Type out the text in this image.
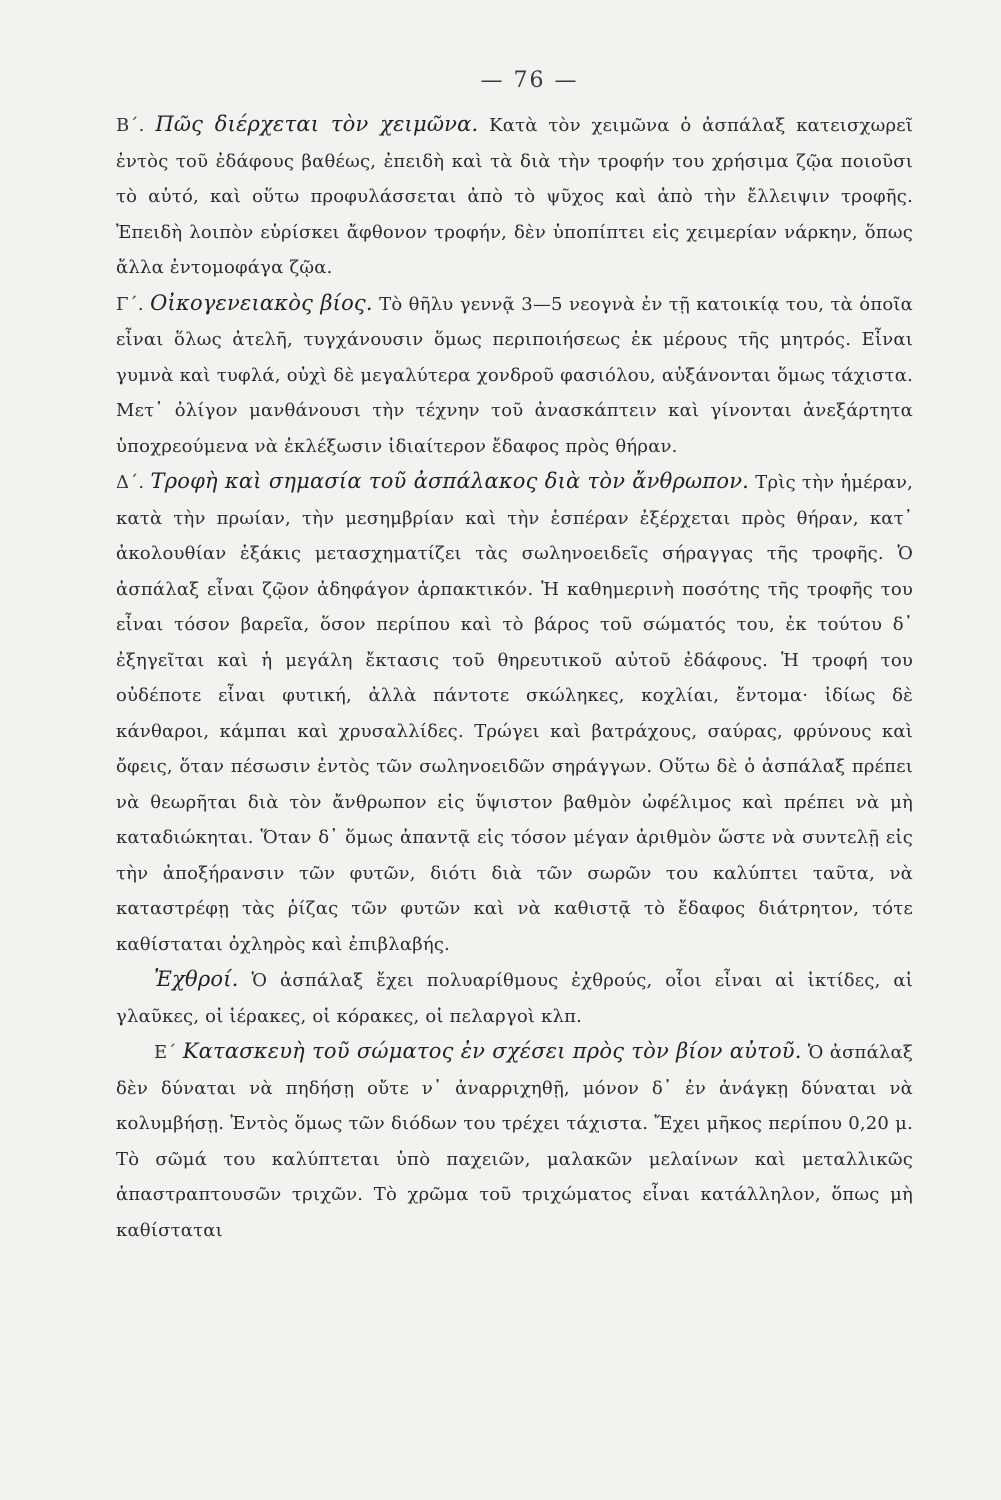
— 76 —

Β΄. Πῶς διέρχεται τὸν χειμῶνα. Κατὰ τὸν χειμῶνα ὁ ἀσπάλαξ κατεισχωρεῖ ἐντὸς τοῦ ἐδάφους βαθέως, ἐπειδὴ καὶ τὰ διὰ τὴν τροφήν του χρήσιμα ζῷα ποιοῦσι τὸ αὐτό, καὶ οὕτω προφυλάσσεται ἀπὸ τὸ ψῦχος καὶ ἀπὸ τὴν ἔλλειψιν τροφῆς. Ἐπειδὴ λοιπὸν εὑρίσκει ἄφθονον τροφήν, δὲν ὑποπίπτει εἰς χειμερίαν νάρκην, ὅπως ἄλλα ἐντομοφάγα ζῷα.

Γ΄. Οἰκογενειακὸς βίος. Τὸ θῆλυ γεννᾷ 3—5 νεογνὰ ἐν τῇ κατοικίᾳ του, τὰ ὁποῖα εἶναι ὅλως ἀτελῆ, τυγχάνουσιν ὅμως περιποιήσεως ἐκ μέρους τῆς μητρός. Εἶναι γυμνὰ καὶ τυφλά, οὐχὶ δὲ μεγαλύτερα χονδροῦ φασιόλου, αὐξάνονται ὅμως τάχιστα. Μετ᾽ ὀλίγον μανθάνουσι τὴν τέχνην τοῦ ἀνασκάπτειν καὶ γίνονται ἀνεξάρτητα ὑποχρεούμενα νὰ ἐκλέξωσιν ἰδιαίτερον ἔδαφος πρὸς θήραν.

Δ΄. Τροφὴ καὶ σημασία τοῦ ἀσπάλακος διὰ τὸν ἄνθρωπον. Τρὶς τὴν ἡμέραν, κατὰ τὴν πρωίαν, τὴν μεσημβρίαν καὶ τὴν ἑσπέραν ἐξέρχεται πρὸς θήραν, κατ᾽ ἀκολουθίαν ἑξάκις μετασχηματίζει τὰς σωληνοειδεῖς σήραγγας τῆς τροφῆς. Ὁ ἀσπάλαξ εἶναι ζῷον ἀδηφάγον ἁρπακτικόν. Ἡ καθημερινὴ ποσότης τῆς τροφῆς του εἶναι τόσον βαρεῖα, ὅσον περίπου καὶ τὸ βάρος τοῦ σώματός του, ἐκ τούτου δ᾽ ἐξηγεῖται καὶ ἡ μεγάλη ἔκτασις τοῦ θηρευτικοῦ αὐτοῦ ἐδάφους. Ἡ τροφή του οὐδέποτε εἶναι φυτική, ἀλλὰ πάντοτε σκώληκες, κοχλίαι, ἔντομα· ἰδίως δὲ κάνθαροι, κάμπαι καὶ χρυσαλλίδες. Τρώγει καὶ βατράχους, σαύρας, φρύνους καὶ ὄφεις, ὅταν πέσωσιν ἐντὸς τῶν σωληνοειδῶν σηράγγων. Οὕτω δὲ ὁ ἀσπάλαξ πρέπει νὰ θεωρῆται διὰ τὸν ἄνθρωπον εἰς ὕψιστον βαθμὸν ὠφέλιμος καὶ πρέπει νὰ μὴ καταδιώκηται. Ὅταν δ᾽ ὅμως ἀπαντᾷ εἰς τόσον μέγαν ἀριθμὸν ὥστε νὰ συντελῇ εἰς τὴν ἀποξήρανσιν τῶν φυτῶν, διότι διὰ τῶν σωρῶν του καλύπτει ταῦτα, νὰ καταστρέφῃ τὰς ῥίζας τῶν φυτῶν καὶ νὰ καθιστᾷ τὸ ἔδαφος διάτρητον, τότε καθίσταται ὀχληρὸς καὶ ἐπιβλαβής.

Ἐχθροί. Ὁ ἀσπάλαξ ἔχει πολυαρίθμους ἐχθρούς, οἷοι εἶναι αἱ ἰκτίδες, αἱ γλαῦκες, οἱ ἱέρακες, οἱ κόρακες, οἱ πελαργοὶ κλπ.

Ε΄ Κατασκευὴ τοῦ σώματος ἐν σχέσει πρὸς τὸν βίον αὐτοῦ. Ὁ ἀσπάλαξ δὲν δύναται νὰ πηδήσῃ οὔτε ν᾽ ἀναρριχηθῇ, μόνον δ᾽ ἐν ἀνάγκῃ δύναται νὰ κολυμβήσῃ. Ἐντὸς ὅμως τῶν διόδων του τρέχει τάχιστα. Ἔχει μῆκος περίπου 0,20 μ. Τὸ σῶμά του καλύπτεται ὑπὸ παχειῶν, μαλακῶν μελαίνων καὶ μεταλλικῶς ἀπαστραπτουσῶν τριχῶν. Τὸ χρῶμα τοῦ τριχώματος εἶναι κατάλληλον, ὅπως μὴ καθίσταται
